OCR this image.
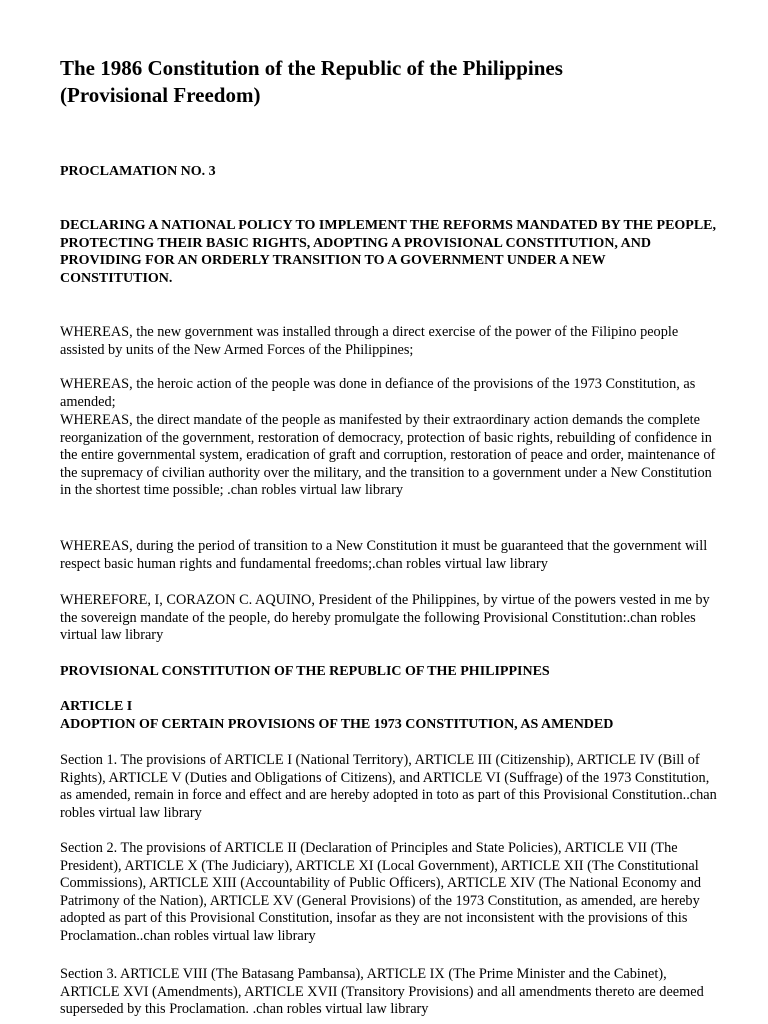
The 1986 Constitution of the Republic of the Philippines (Provisional Freedom)

PROCLAMATION NO. 3

DECLARING A NATIONAL POLICY TO IMPLEMENT THE REFORMS MANDATED BY THE PEOPLE, PROTECTING THEIR BASIC RIGHTS, ADOPTING A PROVISIONAL CONSTITUTION, AND PROVIDING FOR AN ORDERLY TRANSITION TO A GOVERNMENT UNDER A NEW CONSTITUTION.

WHEREAS, the new government was installed through a direct exercise of the power of the Filipino people assisted by units of the New Armed Forces of the Philippines;

WHEREAS, the heroic action of the people was done in defiance of the provisions of the 1973 Constitution, as amended;

WHEREAS, the direct mandate of the people as manifested by their extraordinary action demands the complete reorganization of the government, restoration of democracy, protection of basic rights, rebuilding of confidence in the entire governmental system, eradication of graft and corruption, restoration of peace and order, maintenance of the supremacy of civilian authority over the military, and the transition to a government under a New Constitution in the shortest time possible; .chan robles virtual law library

WHEREAS, during the period of transition to a New Constitution it must be guaranteed that the government will respect basic human rights and fundamental freedoms;.chan robles virtual law library

WHEREFORE, I, CORAZON C. AQUINO, President of the Philippines, by virtue of the powers vested in me by the sovereign mandate of the people, do hereby promulgate the following Provisional Constitution:.chan robles virtual law library

PROVISIONAL CONSTITUTION OF THE REPUBLIC OF THE PHILIPPINES

ARTICLE I

ADOPTION OF CERTAIN PROVISIONS OF THE 1973 CONSTITUTION, AS AMENDED

Section 1. The provisions of ARTICLE I (National Territory), ARTICLE III (Citizenship), ARTICLE IV (Bill of Rights), ARTICLE V (Duties and Obligations of Citizens), and ARTICLE VI (Suffrage) of the 1973 Constitution, as amended, remain in force and effect and are hereby adopted in toto as part of this Provisional Constitution..chan robles virtual law library

Section 2. The provisions of ARTICLE II (Declaration of Principles and State Policies), ARTICLE VII (The President), ARTICLE X (The Judiciary), ARTICLE XI (Local Government), ARTICLE XII (The Constitutional Commissions), ARTICLE XIII (Accountability of Public Officers), ARTICLE XIV (The National Economy and Patrimony of the Nation), ARTICLE XV (General Provisions) of the 1973 Constitution, as amended, are hereby adopted as part of this Provisional Constitution, insofar as they are not inconsistent with the provisions of this Proclamation..chan robles virtual law library

Section 3. ARTICLE VIII (The Batasang Pambansa), ARTICLE IX (The Prime Minister and the Cabinet), ARTICLE XVI (Amendments), ARTICLE XVII (Transitory Provisions) and all amendments thereto are deemed superseded by this Proclamation. .chan robles virtual law library
